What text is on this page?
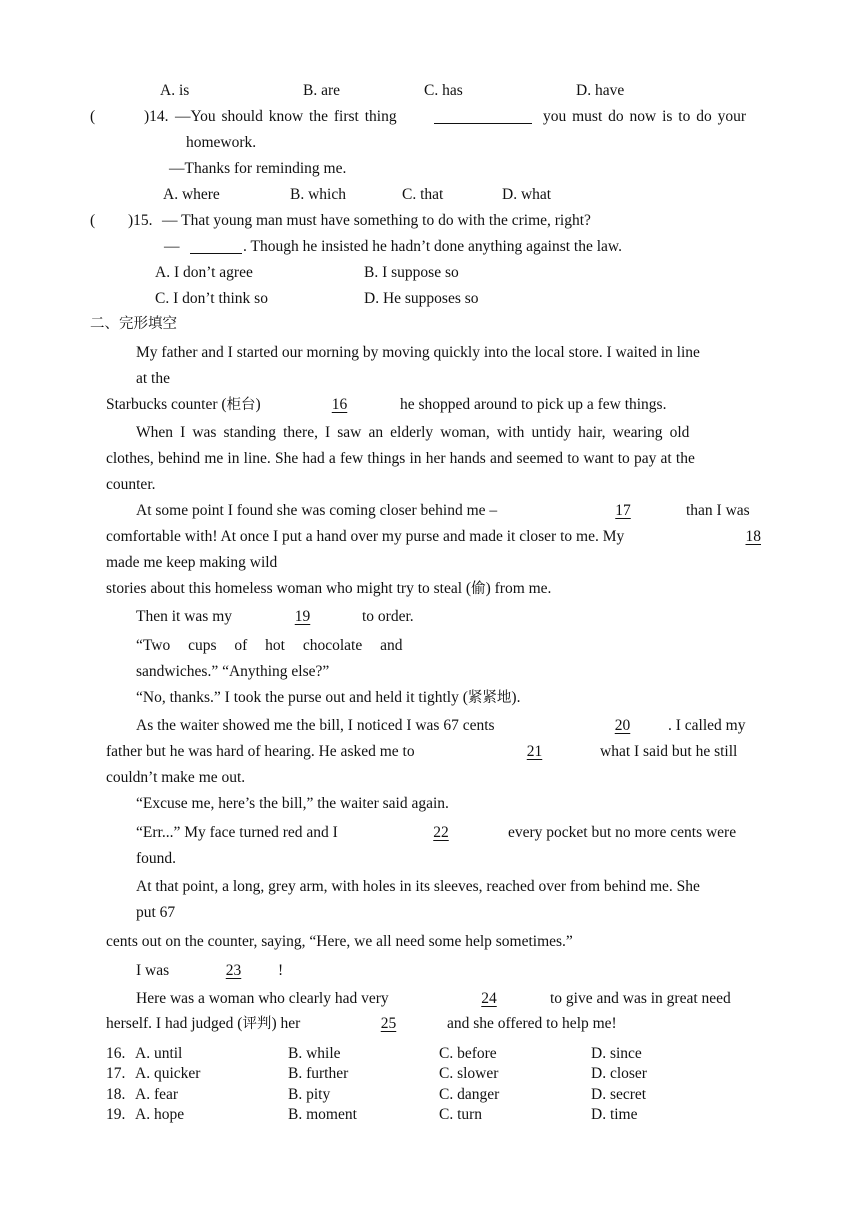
A. is	B. are	C. has	D. have
(	)14. —You should know the first thing	you must do now is to do your
homework.
—Thanks for reminding me.
A. where	B. which	C. that	D. what
( )15. — That young man must have something to do with the crime, right?
—	. Though he insisted he hadn’t done anything against the law.
A. I don’t agree	B. I suppose so
C. I don’t think so	D. He supposes so
二、完形填空
My father and I started our morning by moving quickly into the local store. I waited in line
at the
Starbucks counter (柜台)	16	he shopped around to pick up a few things.
When I was standing there, I saw an elderly woman, with untidy hair, wearing old
clothes, behind me in line. She had a few things in her hands and seemed to want to pay at the
counter.
At some point I found she was coming closer behind me –	17	than I was
comfortable with! At once I put a hand over my purse and made it closer to me. My	18
made me keep making wild
stories about this homeless woman who might try to steal (偷) from me.
Then it was my	19	to order.
“Two cups of hot chocolate and
sandwiches.” “Anything else?”
“No, thanks.” I took the purse out and held it tightly (紧紧地).
As the waiter showed me the bill, I noticed I was 67 cents	20	. I called my
father but he was hard of hearing. He asked me to	21	what I said but he still
couldn’t make me out.
“Excuse me, here’s the bill,” the waiter said again.
“Err...” My face turned red and I	22	every pocket but no more cents were
found.
At that point, a long, grey arm, with holes in its sleeves, reached over from behind me. She
put 67
cents out on the counter, saying, “Here, we all need some help sometimes.”
I was	23	!
Here was a woman who clearly had very	24	to give and was in great need
herself. I had judged (评判) her	25	and she offered to help me!
16. A. until	B. while	C. before	D. since
17. A. quicker	B. further	C. slower	D. closer
18. A. fear	B. pity	C. danger	D. secret
19. A. hope	B. moment	C. turn	D. time
